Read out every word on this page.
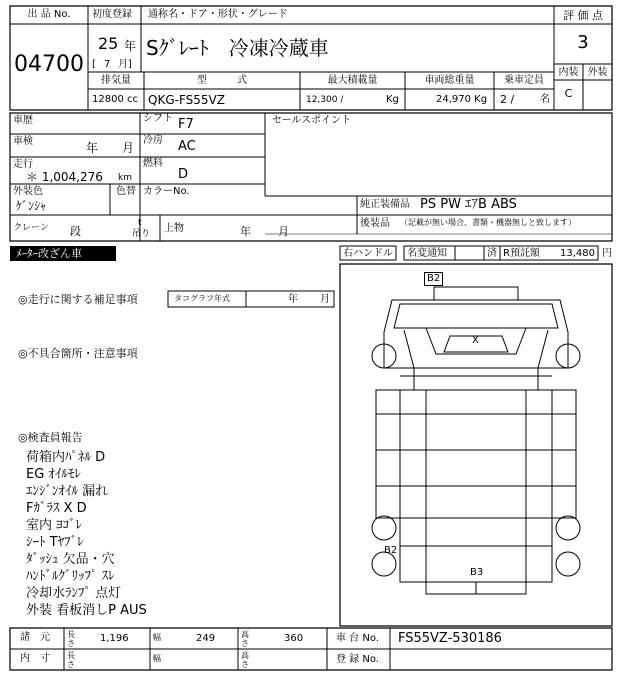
B2
X
B2
B3
出 品 No.
04700
初度登録 通称名・ドア・形状・グレード
25 年
[ 7 月]
Sｸﾞﾚｰﾄ　冷凍冷蔵車
評 価 点
3
内装 外装
C
排気量
12800 cc
型　　　式
QKG-FS55VZ
最大積載量
12,300 /	Kg
車両総重量
24,970 Kg
乗車定員
2 /	名
車歴	シフト F7	セールスポイント
車検	年 月
冷房 AC
走行
＊ 1,004,276 km
燃料
D
外装色	色替 カラーNo.
ｹﾞﾝｼｬ	純正装備品 PS PW ｴｱB ABS
後装品 （記載が無い場合、書類・機器無しと致します）
クレーン 段
t
吊り 上物	年 月
ﾒｰﾀｰ改ざん車	右ハンドル	名変通知	済 R預託額 13,480 円
◎走行に関する補足事項	タコグラフ年式	年 月
◎不具合箇所・注意事項
◎検査員報告
荷箱内ﾊﾟﾈﾙ D
EG ｵｲﾙﾓﾚ
ｴﾝｼﾞﾝｵｲﾙ 漏れ
Fｶﾞﾗｽ X D
室内 ﾖｺﾞﾚ
ｼｰﾄ Tﾔﾌﾞﾚ
ﾀﾞｯｼｭ 欠品・穴
ﾊﾝﾄﾞﾙｸﾞﾘｯﾌﾟ ｽﾚ
冷却水ﾗﾝﾌﾟ 点灯
外装 看板消しP AUS
諸　元 長さ	1,196	幅	249	高さ	360	車 台 No. FS55VZ-530186
内　寸 長さ
幅	高さ	登 録 No.
